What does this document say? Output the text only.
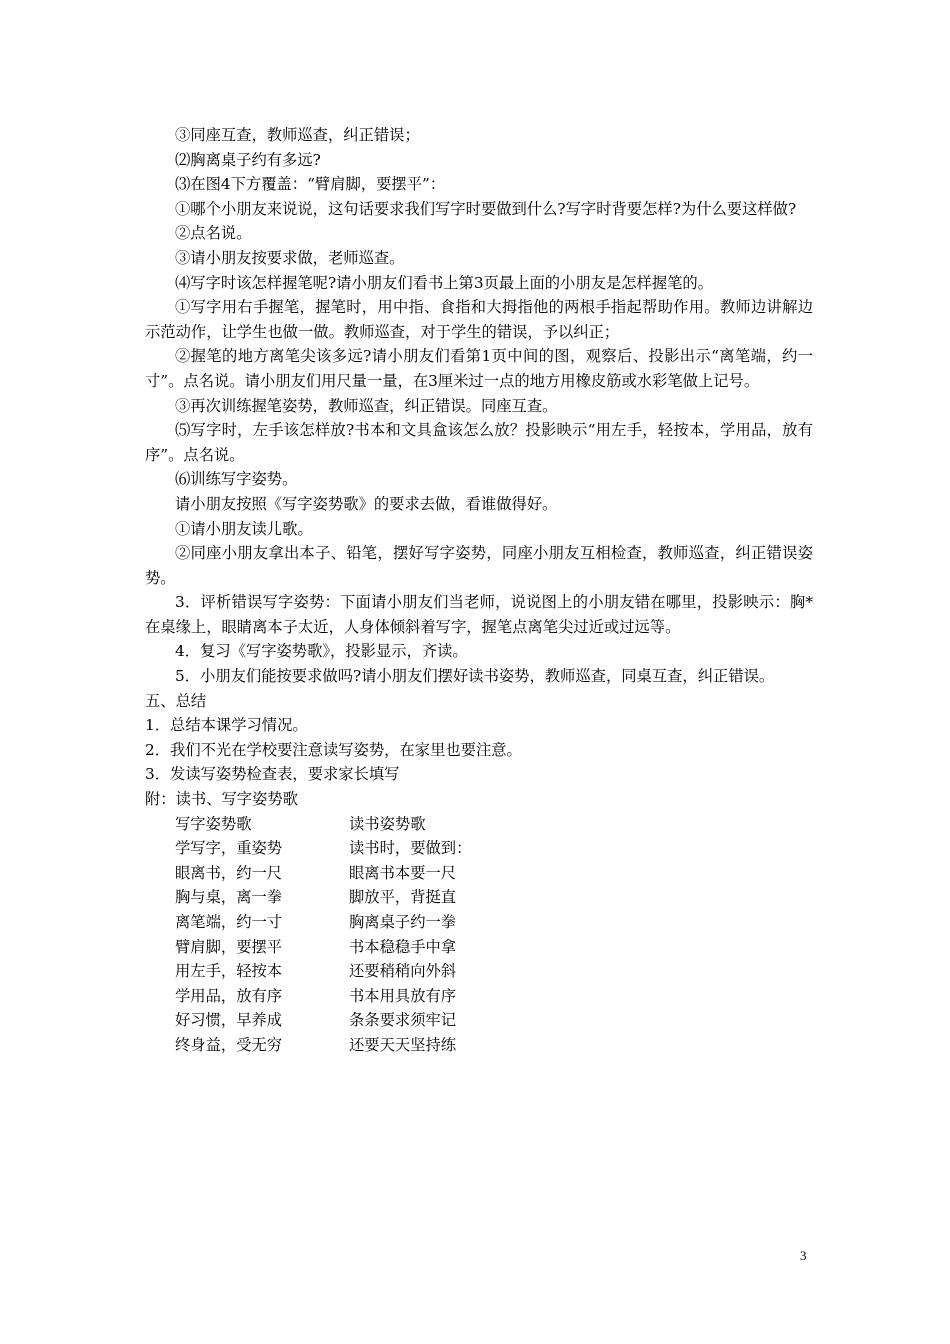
③同座互查，教师巡查，纠正错误；

⑵胸离桌子约有多远?

⑶在图4下方覆盖：“臂肩脚，要摆平”：

①哪个小朋友来说说，这句话要求我们写字时要做到什么?写字时背要怎样?为什么要这样做?

②点名说。

③请小朋友按要求做，老师巡查。

⑷写字时该怎样握笔呢?请小朋友们看书上第3页最上面的小朋友是怎样握笔的。

①写字用右手握笔，握笔时，用中指、食指和大拇指他的两根手指起帮助作用。教师边讲解边示范动作，让学生也做一做。教师巡查，对于学生的错误，予以纠正；

②握笔的地方离笔尖该多远?请小朋友们看第1页中间的图，观察后、投影出示“离笔端，约一寸”。点名说。请小朋友们用尺量一量，在3厘米过一点的地方用橡皮筋或水彩笔做上记号。

③再次训练握笔姿势，教师巡查，纠正错误。同座互查。

⑸写字时，左手该怎样放?书本和文具盒该怎么放？投影映示“用左手，轻按本，学用品，放有序”。点名说。

⑹训练写字姿势。

请小朋友按照《写字姿势歌》的要求去做，看谁做得好。

①请小朋友读儿歌。

②同座小朋友拿出本子、铅笔，摆好写字姿势，同座小朋友互相检查，教师巡查，纠正错误姿势。

3．评析错误写字姿势：下面请小朋友们当老师，说说图上的小朋友错在哪里，投影映示：胸*在桌缘上，眼睛离本子太近，人身体倾斜着写字，握笔点离笔尖过近或过远等。

4．复习《写字姿势歌》，投影显示，齐读。

5．小朋友们能按要求做吗?请小朋友们摆好读书姿势，教师巡查，同桌互查，纠正错误。

五、总结

1．总结本课学习情况。

2．我们不光在学校要注意读写姿势，在家里也要注意。

3．发读写姿势检查表，要求家长填写

附：读书、写字姿势歌

写字姿势歌	读书姿势歌
学写字，重姿势	读书时，要做到：
眼离书，约一尺	眼离书本要一尺
胸与桌，离一拳	脚放平，背挺直
离笔端，约一寸	胸离桌子约一拳
臂肩脚，要摆平	书本稳稳手中拿
用左手，轻按本	还要稍稍向外斜
学用品，放有序	书本用具放有序
好习惯，早养成	条条要求须牢记
终身益，受无穷	还要天天坚持练
3
